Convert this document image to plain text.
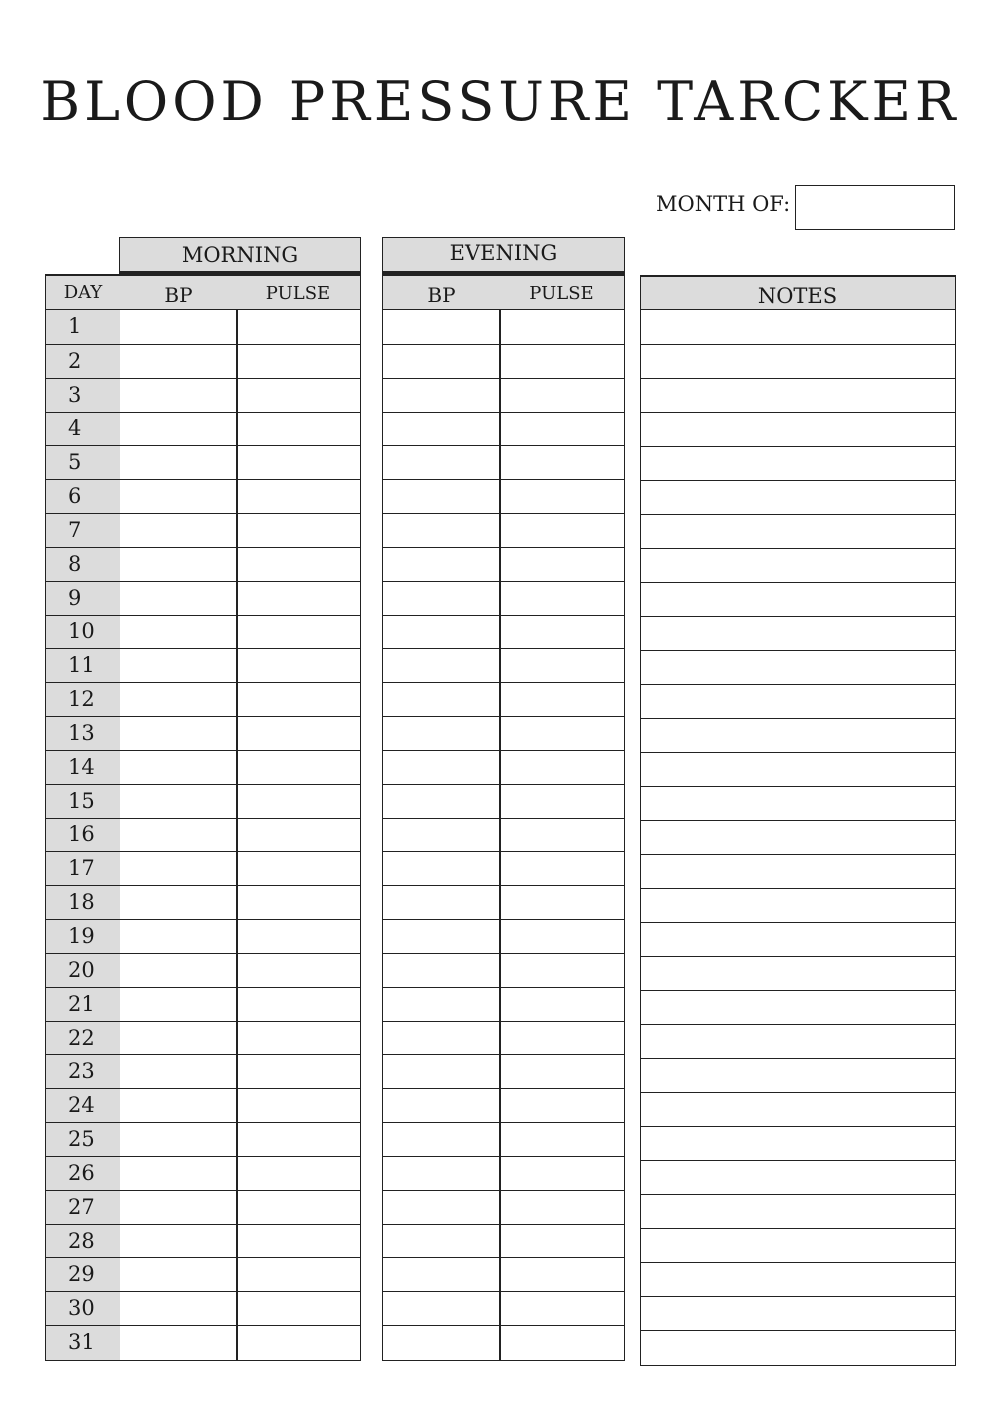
BLOOD PRESSURE TARCKER
MONTH OF:
MORNING	EVENING
DAY	BP	PULSE	BP	PULSE	NOTES
1
2
3
4
5
6
7
8
9
10
11
12
13
14
15
16
17
18
19
20
21
22
23
24
25
26
27
28
29
30
31
